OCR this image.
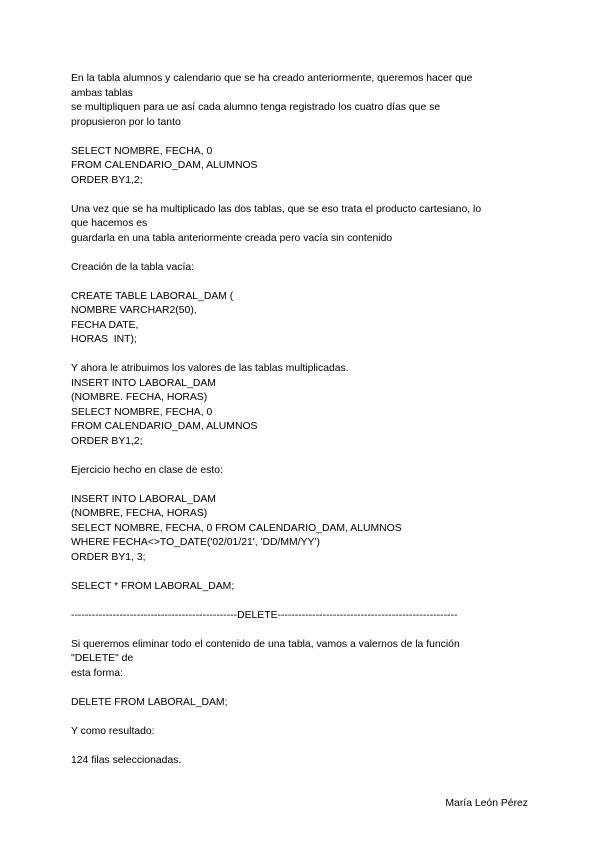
En la tabla alumnos y calendario que se ha creado anteriormente, queremos hacer que
ambas tablas
se multipliquen para ue así cada alumno tenga registrado los cuatro días que se
propusieron por lo tanto
SELECT NOMBRE, FECHA, 0
FROM CALENDARIO_DAM, ALUMNOS
ORDER BY1,2;
Una vez que se ha multiplicado las dos tablas, que se eso trata el producto cartesiano, lo
que hacemos es
guardarla en una tabla anteriormente creada pero vacía sin contenido
Creación de la tabla vacía:
CREATE TABLE LABORAL_DAM (
NOMBRE VARCHAR2(50),
FECHA DATE,
HORAS  INT);
Y ahora le atribuimos los valores de las tablas multiplicadas.
INSERT INTO LABORAL_DAM
(NOMBRE. FECHA, HORAS)
SELECT NOMBRE, FECHA, 0
FROM CALENDARIO_DAM, ALUMNOS
ORDER BY1,2;
Ejercicio hecho en clase de esto:
INSERT INTO LABORAL_DAM
(NOMBRE, FECHA, HORAS)
SELECT NOMBRE, FECHA, 0 FROM CALENDARIO_DAM, ALUMNOS
WHERE FECHA<>TO_DATE('02/01/21', 'DD/MM/YY')
ORDER BY1, 3;
SELECT * FROM LABORAL_DAM;
------------------------------------------------DELETE----------------------------------------------------
Si queremos eliminar todo el contenido de una tabla, vamos a valernos de la función
"DELETE" de
esta forma:
DELETE FROM LABORAL_DAM;
Y como resultado:
124 filas seleccionadas.
María León Pérez
